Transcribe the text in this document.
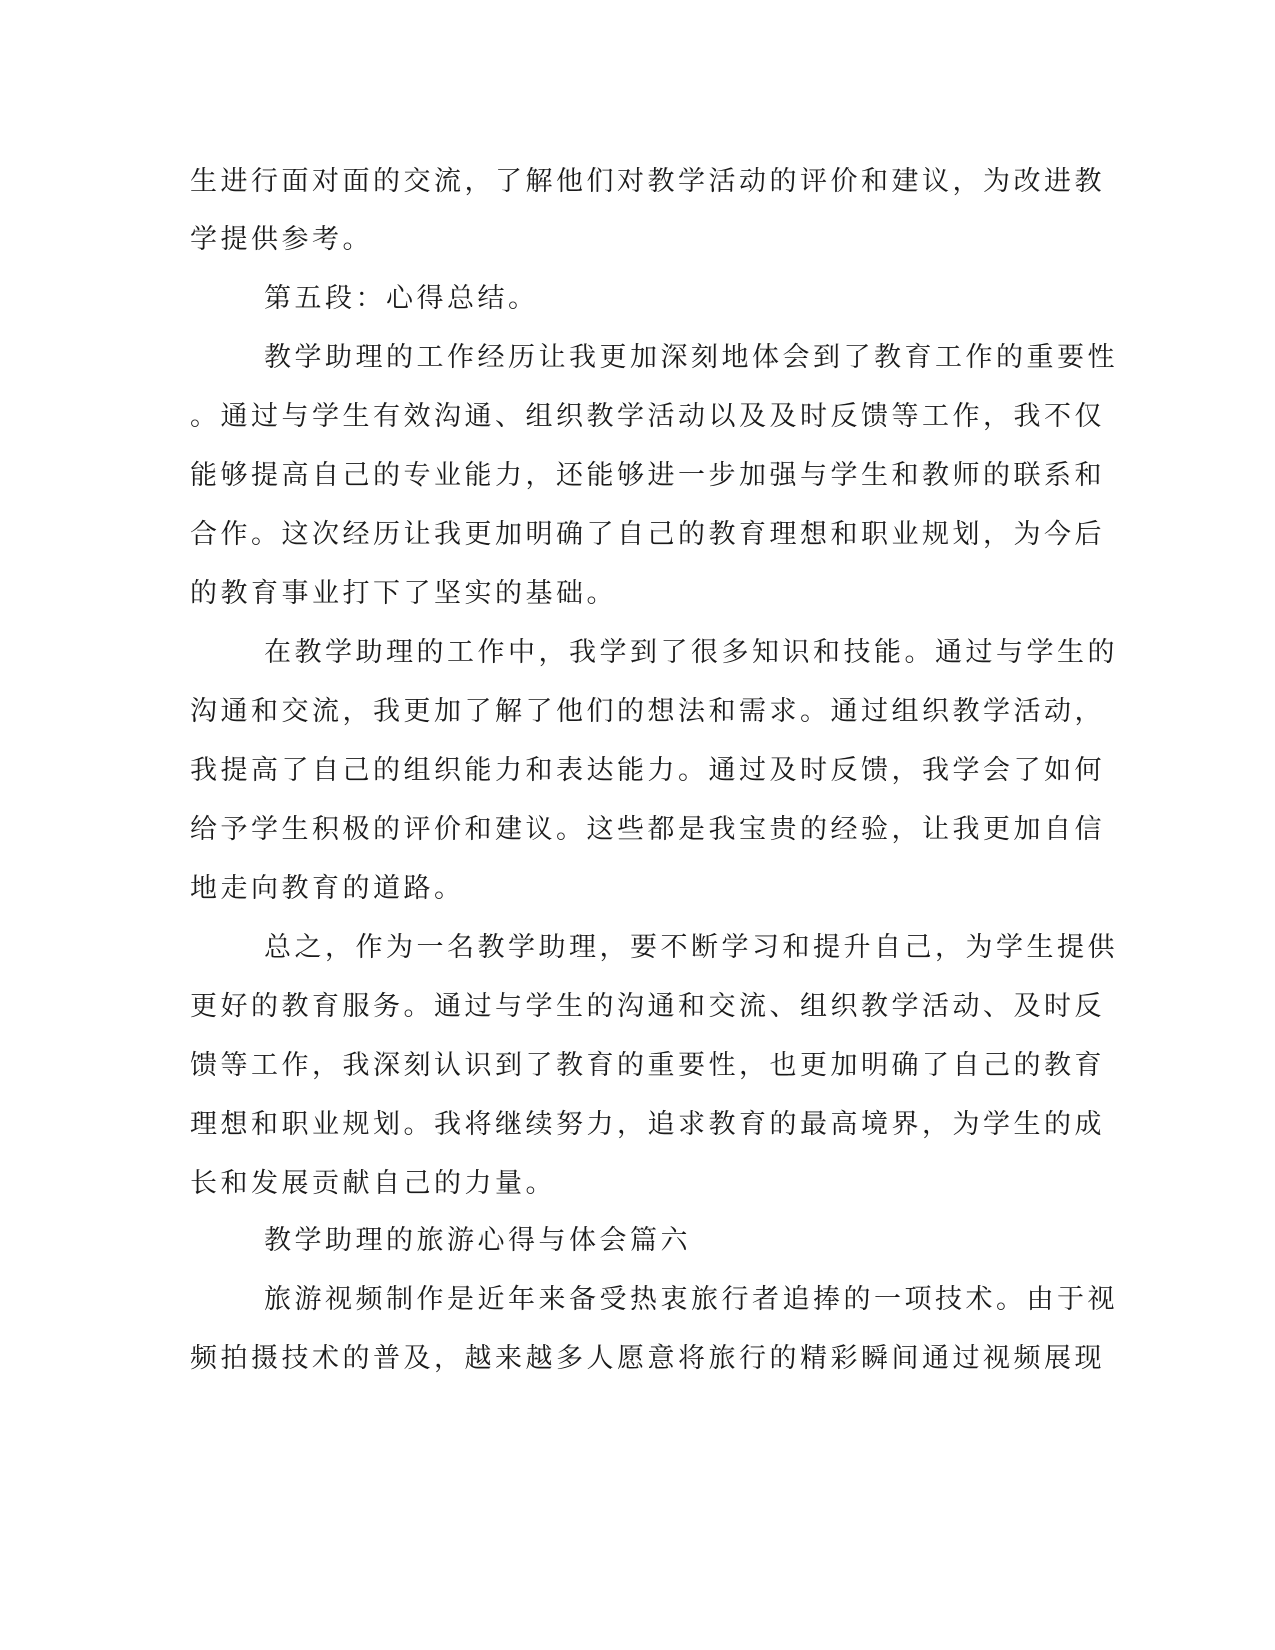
生进行面对面的交流，了解他们对教学活动的评价和建议，为改进教
学提供参考。
第五段：心得总结。
教学助理的工作经历让我更加深刻地体会到了教育工作的重要性
。通过与学生有效沟通、组织教学活动以及及时反馈等工作，我不仅
能够提高自己的专业能力，还能够进一步加强与学生和教师的联系和
合作。这次经历让我更加明确了自己的教育理想和职业规划，为今后
的教育事业打下了坚实的基础。
在教学助理的工作中，我学到了很多知识和技能。通过与学生的
沟通和交流，我更加了解了他们的想法和需求。通过组织教学活动，
我提高了自己的组织能力和表达能力。通过及时反馈，我学会了如何
给予学生积极的评价和建议。这些都是我宝贵的经验，让我更加自信
地走向教育的道路。
总之，作为一名教学助理，要不断学习和提升自己，为学生提供
更好的教育服务。通过与学生的沟通和交流、组织教学活动、及时反
馈等工作，我深刻认识到了教育的重要性，也更加明确了自己的教育
理想和职业规划。我将继续努力，追求教育的最高境界，为学生的成
长和发展贡献自己的力量。
教学助理的旅游心得与体会篇六
旅游视频制作是近年来备受热衷旅行者追捧的一项技术。由于视
频拍摄技术的普及，越来越多人愿意将旅行的精彩瞬间通过视频展现
